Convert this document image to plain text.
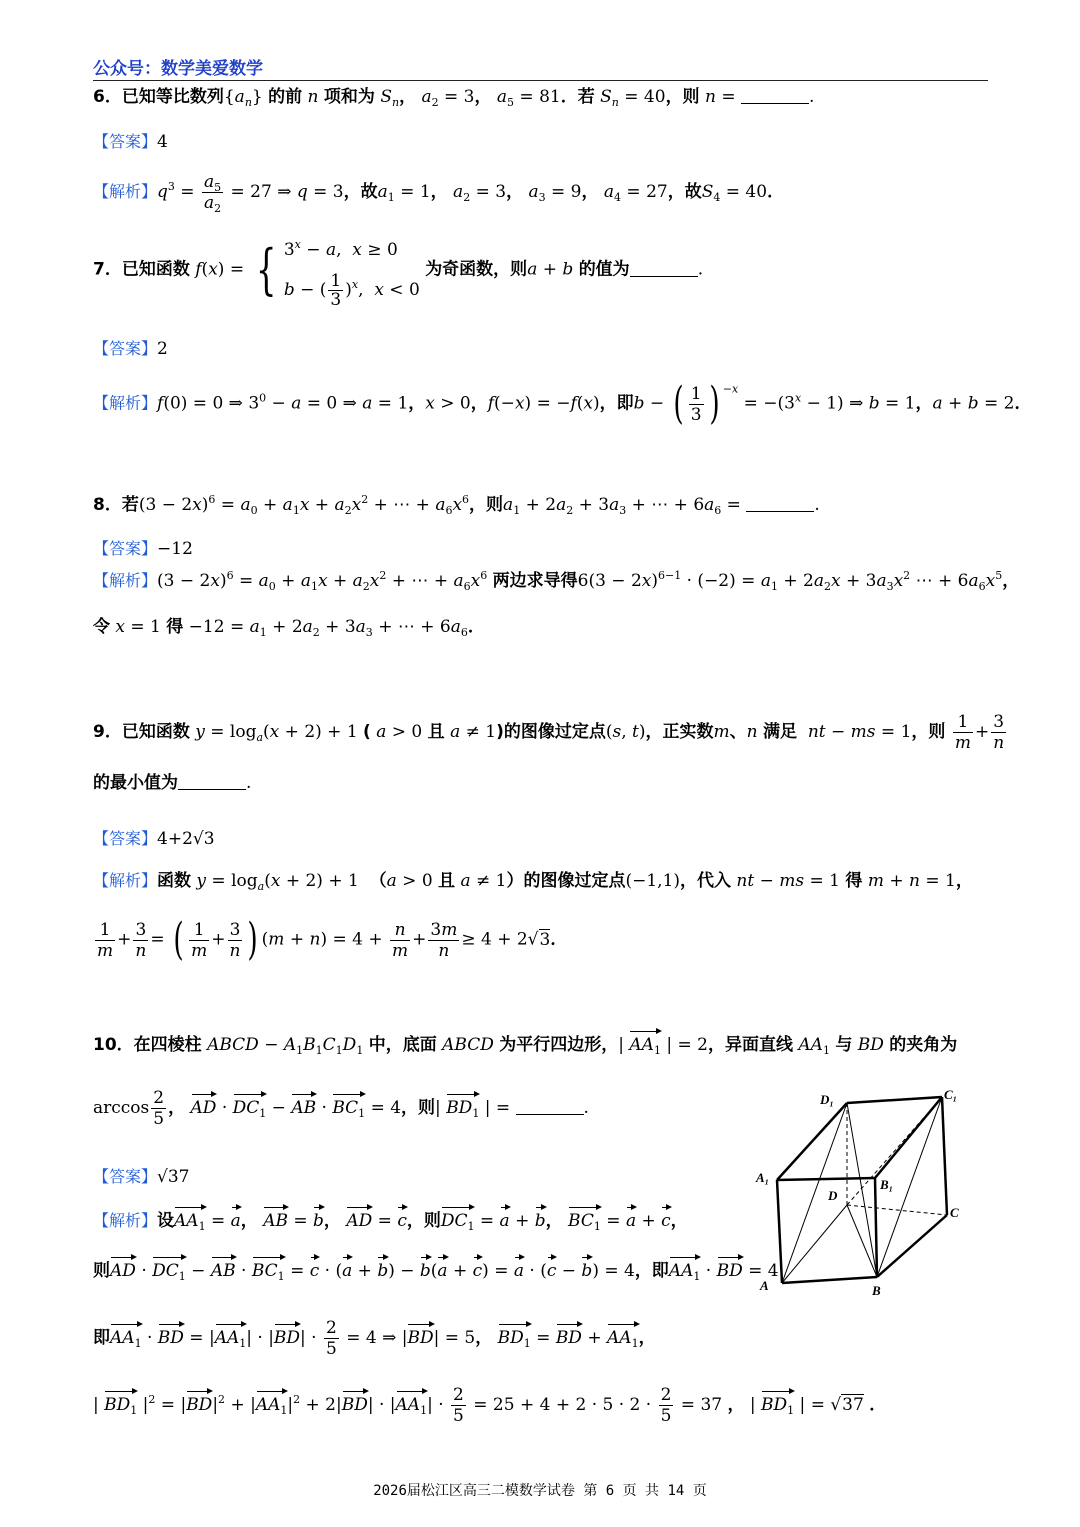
公众号：数学美爱数学
6．已知等比数列$\{a_n\}$ 的前 n 项和为 $S_n$， $a_2 = 3$， $a_5 = 81$．若 $S_n = 40$，则 n =	.
【答案】4
【解析】$q^3 = \frac{a_5}{a_2} = 27$ ⇒ q = 3，故$a_1 = 1$， $a_2 = 3$， $a_3 = 9$， $a_4 = 27$，故$S_4 = 40$．
7．已知函数 f(x) = { $3^x - a$,  x ≥ 0
b − ( $\frac{1}{3} )^x$,  x < 0
为奇函数，则a + b 的值为	.
【答案】2
【解析】f(0) = 0 ⇒ $3^0 - a = 0$ ⇒ a = 1，x > 0，f(−x) = −f(x)，即b − ( $\frac{1}{3}$ ) $^{-x} = -(3^x - 1)$ ⇒ b = 1，a + b = 2．
8．若$(3 - 2x)^6 = a_0 + a_1x + a_2x^2$ + ⋯ + $a_6x^6$，则$a_1 + 2a_2 + 3a_3$ + ⋯ + $6a_6$ =	.
【答案】−12
【解析】$(3 - 2x)^6 = a_0 + a_1x + a_2x^2$ + ⋯ + $a_6x^6$ 两边求导得$6(3 - 2x)^{6-1} \cdot (-2) = a_1 + 2a_2x + 3a_3x^2$ ⋯ + $6a_6x^5$，
令 x = 1 得 $-12 = a_1 + 2a_2 + 3a_3$ + ⋯ + $6a_6$．
9．已知函数 $y = \log_a(x + 2) + 1$ ( a > 0 且 a ≠ 1)的图像过定点(s, t)，正实数m、n 满足 nt − ms = 1，则 $\frac{1}{m} + \frac{3}{n}$
的最小值为	.
【答案】4+2√3
【解析】函数 $y = \log_a(x + 2) + 1$  （a > 0 且 a ≠ 1）的图像过定点(−1,1)，代入 nt − ms = 1 得 m + n = 1，
$\frac{1}{m} + \frac{3}{n}$ = ( $\frac{1}{m} + \frac{3}{n}$ ) $(m + n) = 4 + \frac{n}{m} + \frac{3m}{n} \ge 4 + 2√3$．
10．在四棱柱 ABCD − $A_1B_1C_1D_1$ 中，底面 ABCD 为平行四边形，| $AA_1$ | = 2，异面直线 $AA_1$ 与 BD 的夹角为
$\arccos \frac{2}{5}$ ， AD · $DC_1$ − AB · $BC_1 = 4$，则| $BD_1$ | =	.
【答案】√37
【解析】设$AA_1 = a$， AB = b， AD = c，则$DC_1 = a + b$， $BC_1 = a + c$，
则AD · $DC_1$ − AB · $BC_1 = c \cdot (a + b) - b(a + c) = a \cdot (c - b) = 4$，即$AA_1$ · BD = 4
即$AA_1$ · BD = $|AA_1| \cdot |BD| \cdot \frac{2}{5} = 4$ ⇒ |BD| = 5， $BD_1$ = BD + $AA_1$，
| $BD_1$ $|^2 = |BD|^2 + |AA_1|^2 + 2|BD| \cdot |AA_1| \cdot \frac{2}{5} = 25 + 4 + 2 \cdot 5 \cdot 2 \cdot \frac{2}{5} = 37$ ， | $BD_1$ | = √37 ．
D₁	C₁
A₁	B₁
D
C
A	B
2026届松江区高三二模数学试卷 第 6 页 共 14 页
